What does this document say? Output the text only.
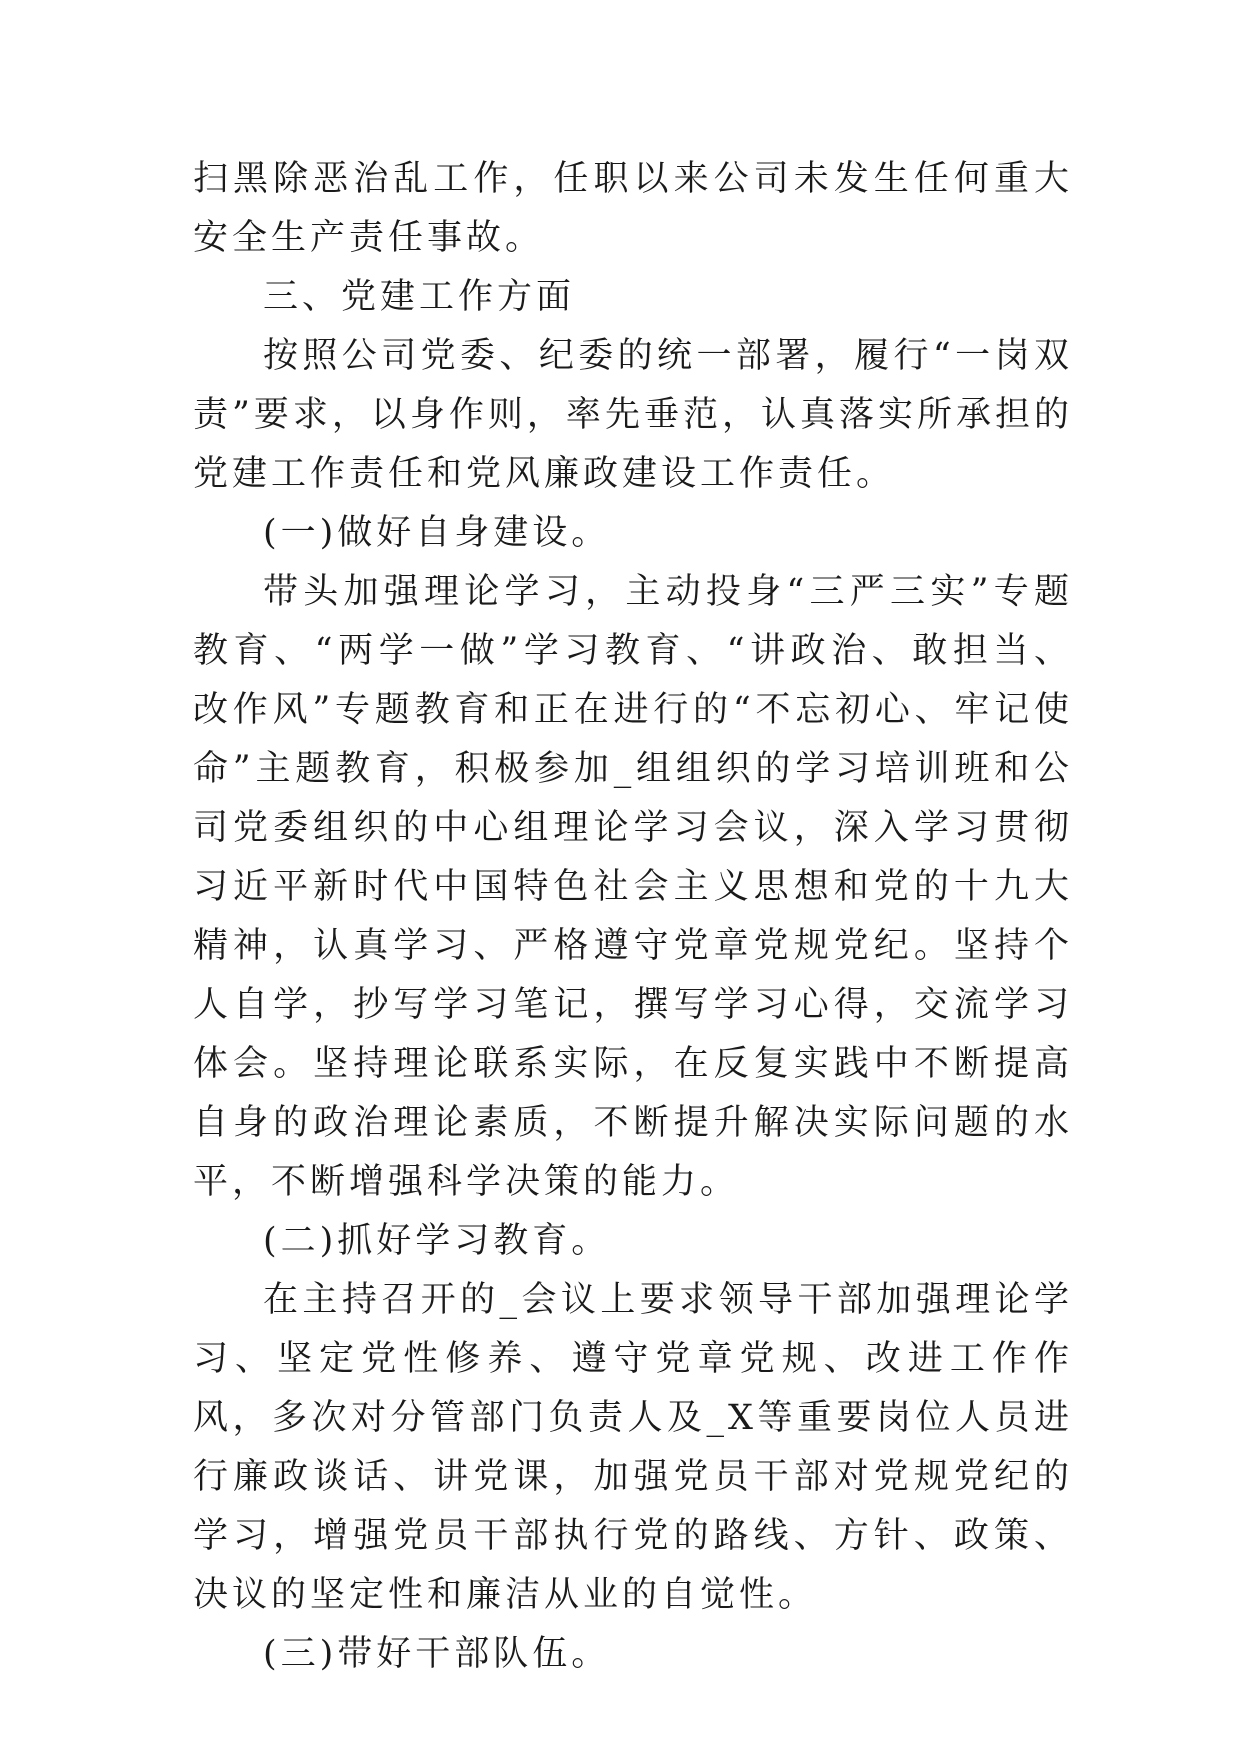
扫黑除恶治乱工作，任职以来公司未发生任何重大安全生产责任事故。

三、党建工作方面

按照公司党委、纪委的统一部署，履行“一岗双责”要求，以身作则，率先垂范，认真落实所承担的党建工作责任和党风廉政建设工作责任。

(一)做好自身建设。

带头加强理论学习，主动投身“三严三实”专题教育、“两学一做”学习教育、“讲政治、敢担当、改作风”专题教育和正在进行的“不忘初心、牢记使命”主题教育，积极参加_组组织的学习培训班和公司党委组织的中心组理论学习会议，深入学习贯彻习近平新时代中国特色社会主义思想和党的十九大精神，认真学习、严格遵守党章党规党纪。坚持个人自学，抄写学习笔记，撰写学习心得，交流学习体会。坚持理论联系实际，在反复实践中不断提高自身的政治理论素质，不断提升解决实际问题的水平，不断增强科学决策的能力。

(二)抓好学习教育。

在主持召开的_会议上要求领导干部加强理论学习、坚定党性修养、遵守党章党规、改进工作作风，多次对分管部门负责人及_X等重要岗位人员进行廉政谈话、讲党课，加强党员干部对党规党纪的学习，增强党员干部执行党的路线、方针、政策、决议的坚定性和廉洁从业的自觉性。

(三)带好干部队伍。
